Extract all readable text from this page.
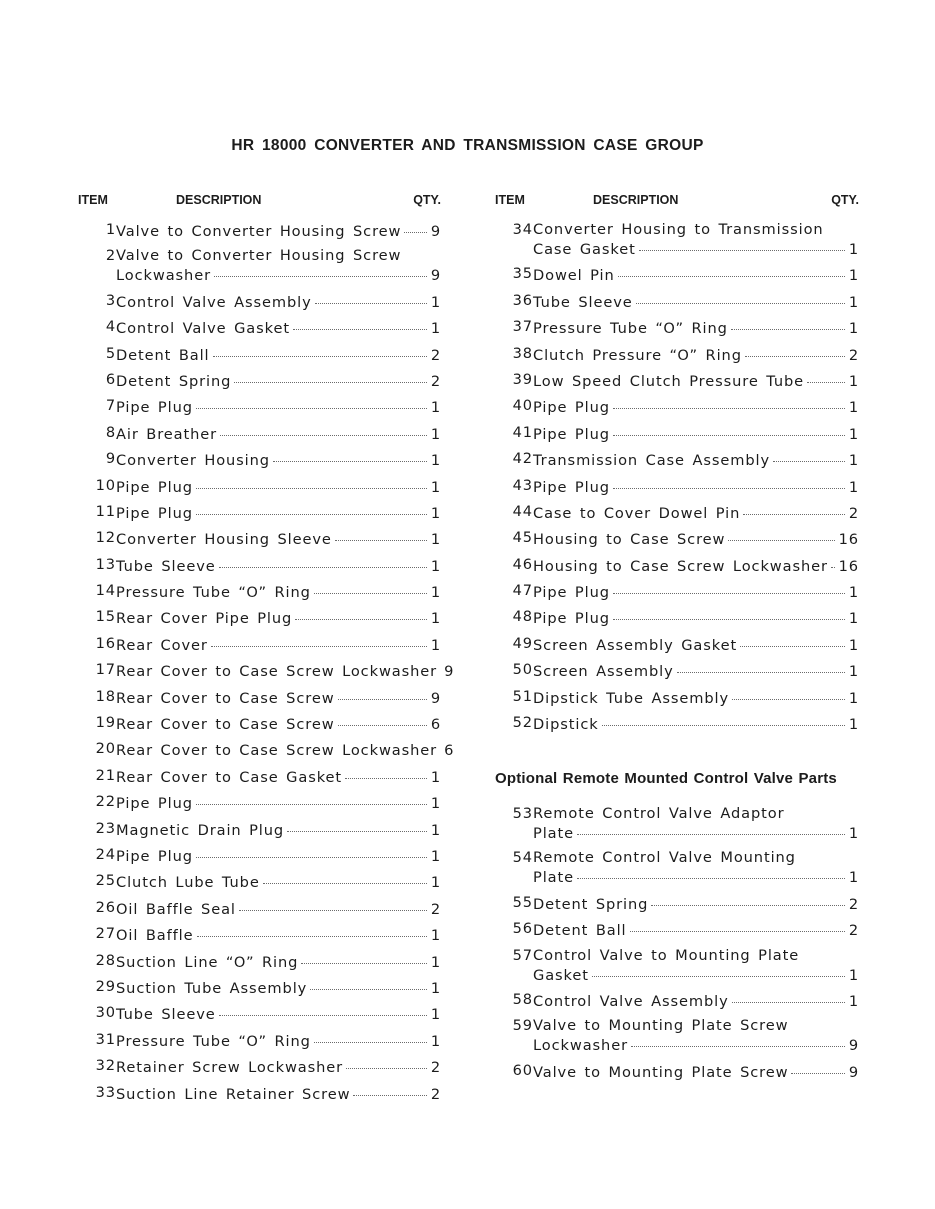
HR 18000 CONVERTER AND TRANSMISSION CASE GROUP
ITEM	DESCRIPTION	QTY.
1 Valve to Converter Housing Screw 9
2 Valve to Converter Housing Screw
Lockwasher	9
3 Control Valve Assembly	1
4 Control Valve Gasket	1
5 Detent Ball	2
6 Detent Spring	2
7 Pipe Plug	1
8 Air Breather	1
9 Converter Housing	1
10 Pipe Plug	1
11 Pipe Plug	1
12 Converter Housing Sleeve	1
13 Tube Sleeve	1
14 Pressure Tube “O” Ring	1
15 Rear Cover Pipe Plug	1
16 Rear Cover	1
17 Rear Cover to Case Screw Lockwasher 9
18 Rear Cover to Case Screw	9
19 Rear Cover to Case Screw	6
20 Rear Cover to Case Screw Lockwasher 6
21 Rear Cover to Case Gasket	1
22 Pipe Plug	1
23 Magnetic Drain Plug	1
24 Pipe Plug	1
25 Clutch Lube Tube	1
26 Oil Baffle Seal	2
27 Oil Baffle	1
28 Suction Line “O” Ring	1
29 Suction Tube Assembly	1
30 Tube Sleeve	1
31 Pressure Tube “O” Ring	1
32 Retainer Screw Lockwasher	2
33 Suction Line Retainer Screw	2
ITEM	DESCRIPTION	QTY.
34 Converter Housing to Transmission
Case Gasket	1
35 Dowel Pin	1
36 Tube Sleeve	1
37 Pressure Tube “O” Ring	1
38 Clutch Pressure “O” Ring	2
39 Low Speed Clutch Pressure Tube	1
40 Pipe Plug	1
41 Pipe Plug	1
42 Transmission Case Assembly	1
43 Pipe Plug	1
44 Case to Cover Dowel Pin	2
45 Housing to Case Screw	16
46 Housing to Case Screw Lockwasher 16
47 Pipe Plug	1
48 Pipe Plug	1
49 Screen Assembly Gasket	1
50 Screen Assembly	1
51 Dipstick Tube Assembly	1
52 Dipstick	1
Optional Remote Mounted Control Valve Parts
53 Remote Control Valve Adaptor
Plate	1
54 Remote Control Valve Mounting
Plate	1
55 Detent Spring	2
56 Detent Ball	2
57 Control Valve to Mounting Plate
Gasket	1
58 Control Valve Assembly	1
59 Valve to Mounting Plate Screw
Lockwasher	9
60 Valve to Mounting Plate Screw	9
